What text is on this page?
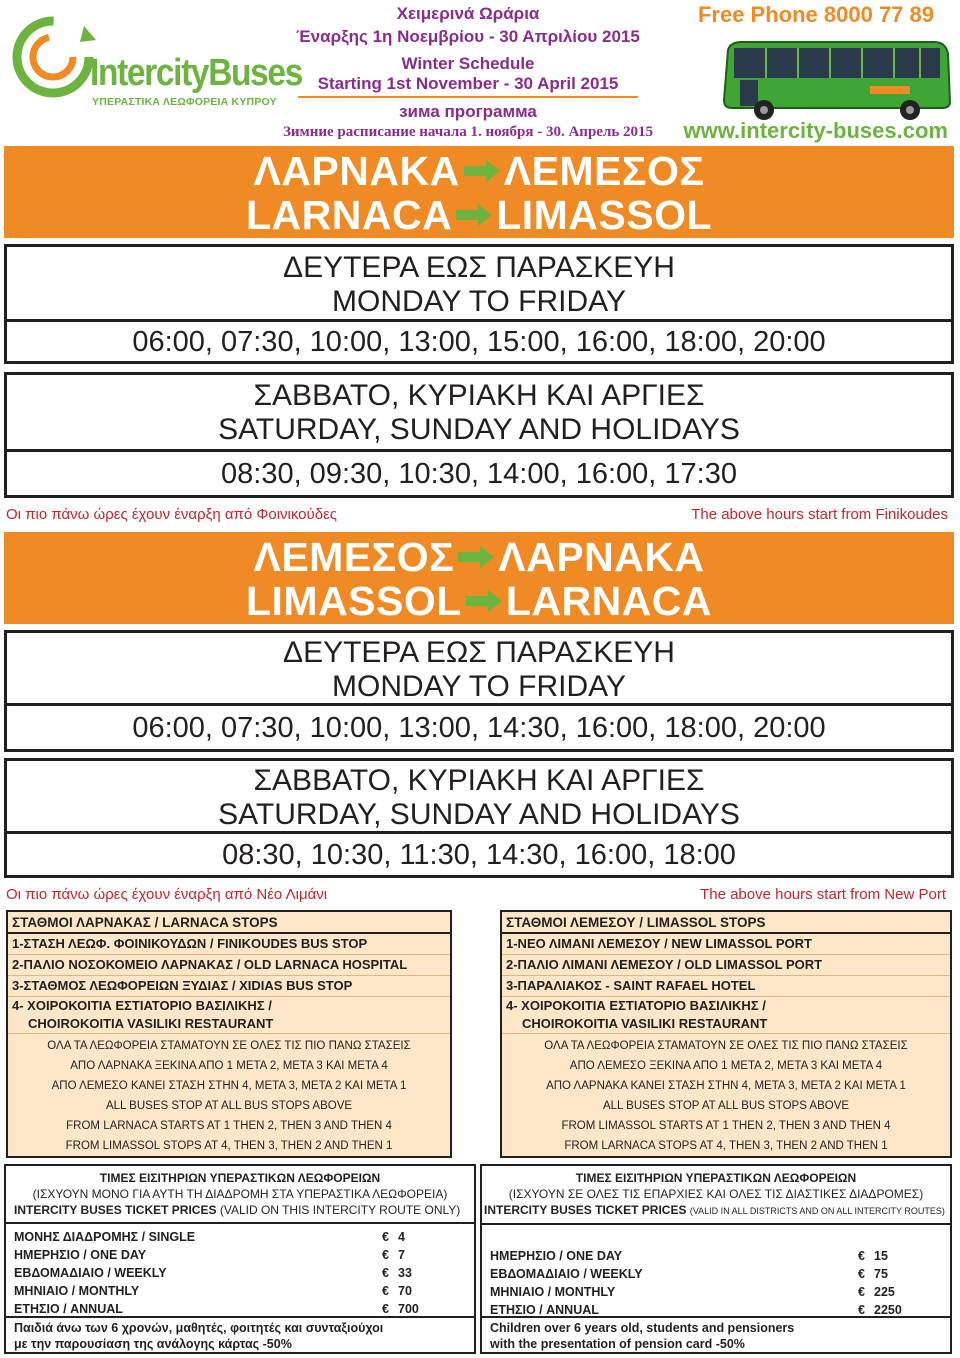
IntercityBuses
ΥΠΕΡΑΣΤΙΚΑ ΛΕΩΦΟΡΕΙΑ ΚΥΠΡΟΥ
Χειμερινά Ωράρια
Έναρξης 1η Νοεμβρίου - 30 Απριλίου 2015
Winter Schedule
Starting 1st November - 30 April 2015
зима программа
Зимние расписание начала 1. ноября - 30. Апрель 2015
Free Phone 8000 77 89
www.intercity-buses.com
ΛΑΡΝΑΚΑ ΛΕΜΕΣΟΣ
LARNACA LIMASSOL
ΔΕΥΤΕΡΑ ΕΩΣ ΠΑΡΑΣΚΕΥΗ
MONDAY TO FRIDAY
06:00, 07:30, 10:00, 13:00, 15:00, 16:00, 18:00, 20:00
ΣΑΒΒΑΤΟ, ΚΥΡΙΑΚΗ ΚΑΙ ΑΡΓΙΕΣ
SATURDAY, SUNDAY AND HOLIDAYS
08:30, 09:30, 10:30, 14:00, 16:00, 17:30
Οι πιο πάνω ώρες έχουν έναρξη από Φοινικούδες	The above hours start from Finikoudes
ΛΕΜΕΣΟΣ ΛΑΡΝΑΚΑ
LIMASSOL LARNACA
ΔΕΥΤΕΡΑ ΕΩΣ ΠΑΡΑΣΚΕΥΗ
MONDAY TO FRIDAY
06:00, 07:30, 10:00, 13:00, 14:30, 16:00, 18:00, 20:00
ΣΑΒΒΑΤΟ, ΚΥΡΙΑΚΗ ΚΑΙ ΑΡΓΙΕΣ
SATURDAY, SUNDAY AND HOLIDAYS
08:30, 10:30, 11:30, 14:30, 16:00, 18:00
Οι πιο πάνω ώρες έχουν έναρξη από Νέο Λιμάνι	The above hours start from New Port
ΣΤΑΘΜΟΙ ΛΑΡΝΑΚΑΣ / LARNACA STOPS
1-ΣΤΑΣΗ ΛΕΩΦ. ΦΟΙΝΙΚΟΥΔΩΝ / FINIKOUDES BUS STOP
2-ΠΑΛΙΟ ΝΟΣΟΚΟΜΕΙΟ ΛΑΡΝΑΚΑΣ / OLD LARNACA HOSPITAL
3-ΣΤΑΘΜΟΣ ΛΕΩΦΟΡΕΙΩΝ ΞΥΔΙΑΣ / XIDIAS BUS STOP
4- ΧΟΙΡΟΚΟΙΤΙΑ ΕΣΤΙΑΤΟΡΙΟ ΒΑΣΙΛΙΚΗΣ /
CHOIROKOITIA VASILIKI RESTAURANT
ΟΛΑ ΤΑ ΛΕΩΦΟΡΕΙΑ ΣΤΑΜΑΤΟΥΝ ΣΕ ΟΛΕΣ ΤΙΣ ΠΙΟ ΠΑΝΩ ΣΤΑΣΕΙΣ
ΑΠΟ ΛΑΡΝΑΚΑ ΞΕΚΙΝΑ ΑΠΟ 1 ΜΕΤΑ 2, ΜΕΤΑ 3 ΚΑΙ ΜΕΤΑ 4
ΑΠΟ ΛΕΜΕΣΟ ΚΑΝΕΙ ΣΤΑΣΗ ΣΤΗΝ 4, ΜΕΤΑ 3, ΜΕΤΑ 2 ΚΑΙ ΜΕΤΑ 1
ALL BUSES STOP AT ALL BUS STOPS ABOVE
FROM LARNACA STARTS AT 1 THEN 2, THEN 3 AND THEN 4
FROM LIMASSOL STOPS AT 4, THEN 3, THEN 2 AND THEN 1
ΣΤΑΘΜΟΙ ΛΕΜΕΣΟΥ / LIMASSOL STOPS
1-ΝΕΟ ΛΙΜΑΝΙ ΛΕΜΕΣΟΥ / NEW LIMASSOL PORT
2-ΠΑΛΙΟ ΛΙΜΑΝΙ ΛΕΜΕΣΟΥ / OLD LIMASSOL PORT
3-ΠΑΡΑΛΙΑΚΟΣ - SAINT RAFAEL HOTEL
4- ΧΟΙΡΟΚΟΙΤΙΑ ΕΣΤΙΑΤΟΡΙΟ ΒΑΣΙΛΙΚΗΣ /
CHOIROKOITIA VASILIKI RESTAURANT
ΟΛΑ ΤΑ ΛΕΩΦΟΡΕΙΑ ΣΤΑΜΑΤΟΥΝ ΣΕ ΟΛΕΣ ΤΙΣ ΠΙΟ ΠΑΝΩ ΣΤΑΣΕΙΣ
ΑΠΟ ΛΕΜΕΣΟ ΞΕΚΙΝΑ ΑΠΟ 1 ΜΕΤΑ 2, ΜΕΤΑ 3 ΚΑΙ ΜΕΤΑ 4
ΑΠΟ ΛΑΡΝΑΚΑ ΚΑΝΕΙ ΣΤΑΣΗ ΣΤΗΝ 4, ΜΕΤΑ 3, ΜΕΤΑ 2 ΚΑΙ ΜΕΤΑ 1
ALL BUSES STOP AT ALL BUS STOPS ABOVE
FROM LIMASSOL STARTS AT 1 THEN 2, THEN 3 AND THEN 4
FROM LARNACA STOPS AT 4, THEN 3, THEN 2 AND THEN 1
ΤΙΜΕΣ ΕΙΣΙΤΗΡΙΩΝ ΥΠΕΡΑΣΤΙΚΩΝ ΛΕΩΦΟΡΕΙΩΝ
(ΙΣΧΥΟΥΝ ΜΟΝΟ ΓΙΑ ΑΥΤΗ ΤΗ ΔΙΑΔΡΟΜΗ ΣΤΑ ΥΠΕΡΑΣΤΙΚΑ ΛΕΩΦΟΡΕΙΑ)
INTERCITY BUSES TICKET PRICES (VALID ON THIS INTERCITY ROUTE ONLY)
ΜΟΝΗΣ ΔΙΑΔΡΟΜΗΣ / SINGLE	€ 4
ΗΜΕΡΗΣΙΟ / ONE DAY	€ 7
ΕΒΔΟΜΑΔΙΑΙΟ / WEEKLY	€ 33
ΜΗΝΙΑΙΟ / MONTHLY	€ 70
ΕΤΗΣΙΟ / ANNUAL	€ 700
Παιδιά άνω των 6 χρονών, μαθητές, φοιτητές και συνταξιούχοι
με την παρουσίαση της ανάλογης κάρτας -50%
ΤΙΜΕΣ ΕΙΣΙΤΗΡΙΩΝ ΥΠΕΡΑΣΤΙΚΩΝ ΛΕΩΦΟΡΕΙΩΝ
(ΙΣΧΥΟΥΝ ΣΕ ΟΛΕΣ ΤΙΣ ΕΠΑΡΧΙΕΣ ΚΑΙ ΟΛΕΣ ΤΙΣ ΔΙΑΣΤΙΚΕΣ ΔΙΑΔΡΟΜΕΣ)
INTERCITY BUSES TICKET PRICES (VALID IN ALL DISTRICTS AND ON ALL INTERCITY ROUTES)
ΗΜΕΡΗΣΙΟ / ONE DAY	€ 15
ΕΒΔΟΜΑΔΙΑΙΟ / WEEKLY	€ 75
ΜΗΝΙΑΙΟ / MONTHLY	€ 225
ΕΤΗΣΙΟ / ANNUAL	€ 2250
Children over 6 years old, students and pensioners
with the presentation of pension card -50%
